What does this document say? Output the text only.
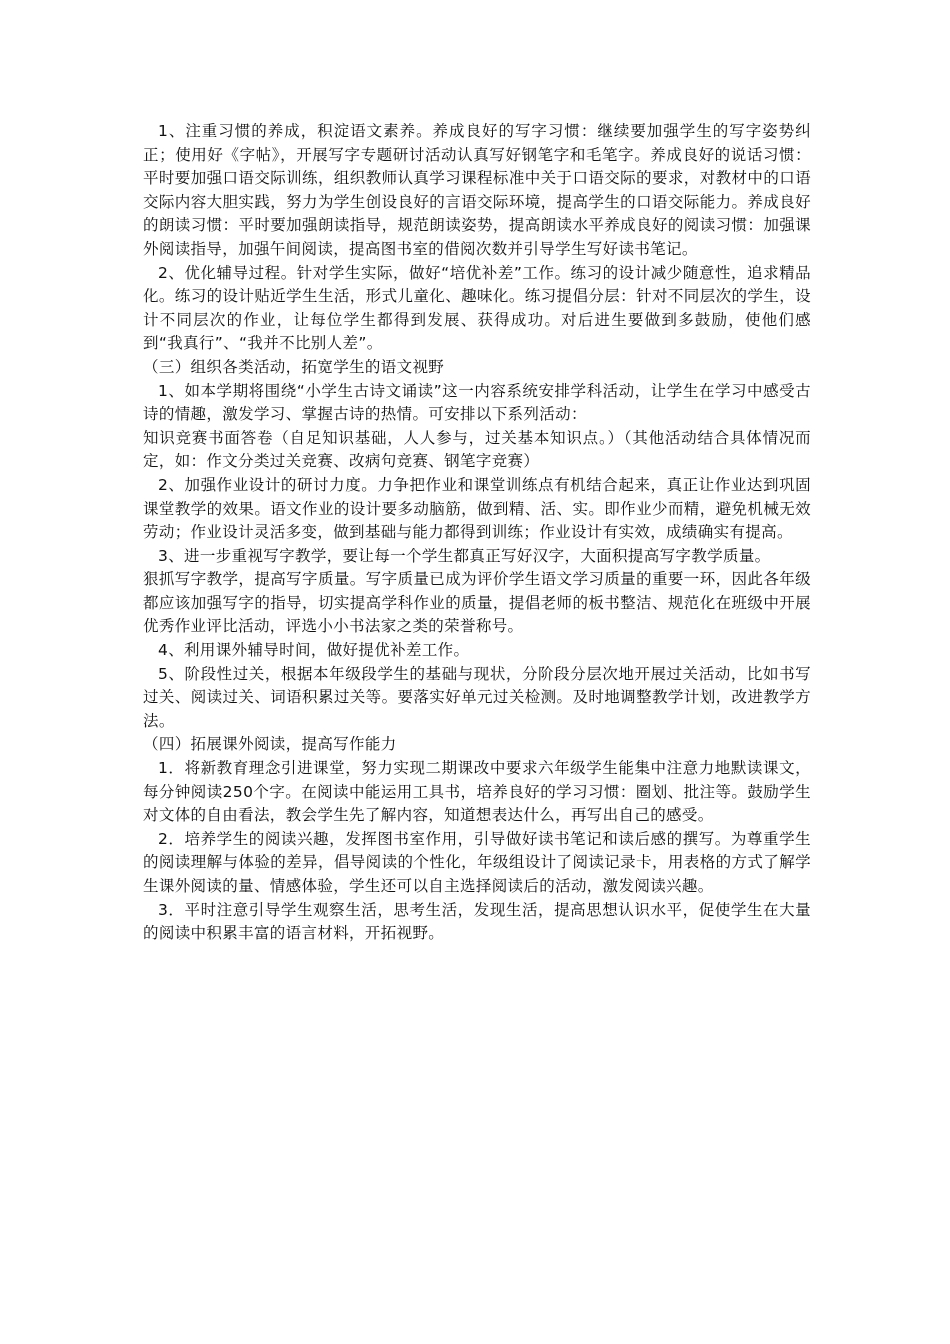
1、注重习惯的养成，积淀语文素养。养成良好的写字习惯：继续要加强学生的写字姿势纠正；使用好《字帖》，开展写字专题研讨活动认真写好钢笔字和毛笔字。养成良好的说话习惯：平时要加强口语交际训练，组织教师认真学习课程标准中关于口语交际的要求，对教材中的口语交际内容大胆实践，努力为学生创设良好的言语交际环境，提高学生的口语交际能力。养成良好的朗读习惯：平时要加强朗读指导，规范朗读姿势，提高朗读水平养成良好的阅读习惯：加强课外阅读指导，加强午间阅读，提高图书室的借阅次数并引导学生写好读书笔记。

2、优化辅导过程。针对学生实际，做好“培优补差”工作。练习的设计减少随意性，追求精品化。练习的设计贴近学生生活，形式儿童化、趣味化。练习提倡分层：针对不同层次的学生，设计不同层次的作业，让每位学生都得到发展、获得成功。对后进生要做到多鼓励，使他们感到“我真行”、“我并不比别人差”。

（三）组织各类活动，拓宽学生的语文视野

1、如本学期将围绕“小学生古诗文诵读”这一内容系统安排学科活动，让学生在学习中感受古诗的情趣，激发学习、掌握古诗的热情。可安排以下系列活动：

知识竞赛书面答卷（自足知识基础，人人参与，过关基本知识点。）（其他活动结合具体情况而定，如：作文分类过关竞赛、改病句竞赛、钢笔字竞赛）

2、加强作业设计的研讨力度。力争把作业和课堂训练点有机结合起来，真正让作业达到巩固课堂教学的效果。语文作业的设计要多动脑筋，做到精、活、实。即作业少而精，避免机械无效劳动；作业设计灵活多变，做到基础与能力都得到训练；作业设计有实效，成绩确实有提高。

3、进一步重视写字教学，要让每一个学生都真正写好汉字，大面积提高写字教学质量。

狠抓写字教学，提高写字质量。写字质量已成为评价学生语文学习质量的重要一环，因此各年级都应该加强写字的指导，切实提高学科作业的质量，提倡老师的板书整洁、规范化在班级中开展优秀作业评比活动，评选小小书法家之类的荣誉称号。

4、利用课外辅导时间，做好提优补差工作。

5、阶段性过关，根据本年级段学生的基础与现状，分阶段分层次地开展过关活动，比如书写过关、阅读过关、词语积累过关等。要落实好单元过关检测。及时地调整教学计划，改进教学方法。

（四）拓展课外阅读，提高写作能力

1．将新教育理念引进课堂，努力实现二期课改中要求六年级学生能集中注意力地默读课文，每分钟阅读250个字。在阅读中能运用工具书，培养良好的学习习惯：圈划、批注等。鼓励学生对文体的自由看法，教会学生先了解内容，知道想表达什么，再写出自己的感受。

2．培养学生的阅读兴趣，发挥图书室作用，引导做好读书笔记和读后感的撰写。为尊重学生的阅读理解与体验的差异，倡导阅读的个性化，年级组设计了阅读记录卡，用表格的方式了解学生课外阅读的量、情感体验，学生还可以自主选择阅读后的活动，激发阅读兴趣。

3．平时注意引导学生观察生活，思考生活，发现生活，提高思想认识水平，促使学生在大量的阅读中积累丰富的语言材料，开拓视野。
